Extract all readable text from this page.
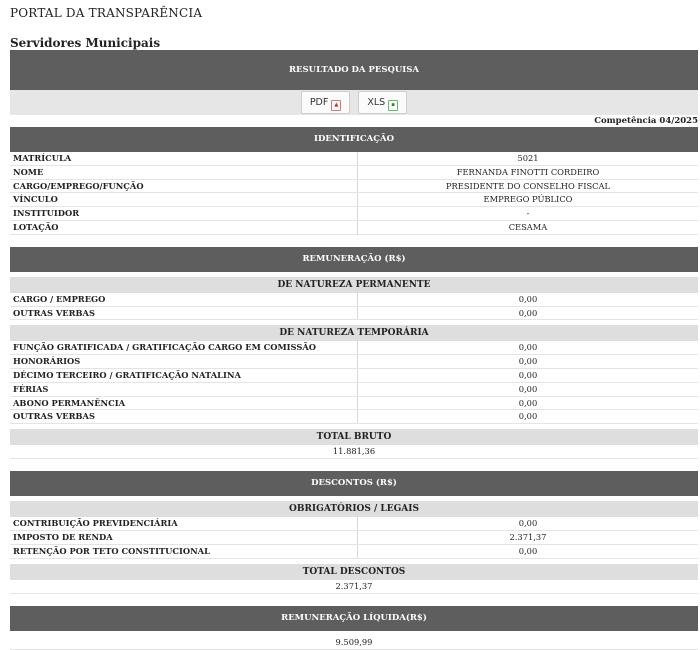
PORTAL DA TRANSPARÊNCIA
Servidores Municipais
RESULTADO DA PESQUISA
PDF ▲	XLS ▪
Competência 04/2025
IDENTIFICAÇÃO
MATRÍCULA	5021
NOME	FERNANDA FINOTTI CORDEIRO
CARGO/EMPREGO/FUNÇÃO	PRESIDENTE DO CONSELHO FISCAL
VÍNCULO	EMPREGO PÚBLICO
INSTITUIDOR	-
LOTAÇÃO	CESAMA
REMUNERAÇÃO (R$)
DE NATUREZA PERMANENTE
CARGO / EMPREGO	0,00
OUTRAS VERBAS	0,00
DE NATUREZA TEMPORÁRIA
FUNÇÃO GRATIFICADA / GRATIFICAÇÃO CARGO EM COMISSÃO	0,00
HONORÁRIOS	0,00
DÉCIMO TERCEIRO / GRATIFICAÇÃO NATALINA	0,00
FÉRIAS	0,00
ABONO PERMANÊNCIA	0,00
OUTRAS VERBAS	0,00
TOTAL BRUTO
11.881,36
DESCONTOS (R$)
OBRIGATÓRIOS / LEGAIS
CONTRIBUIÇÃO PREVIDENCIÁRIA	0,00
IMPOSTO DE RENDA	2.371,37
RETENÇÃO POR TETO CONSTITUCIONAL	0,00
TOTAL DESCONTOS
2.371,37
REMUNERAÇÃO LÍQUIDA(R$)
9.509,99
